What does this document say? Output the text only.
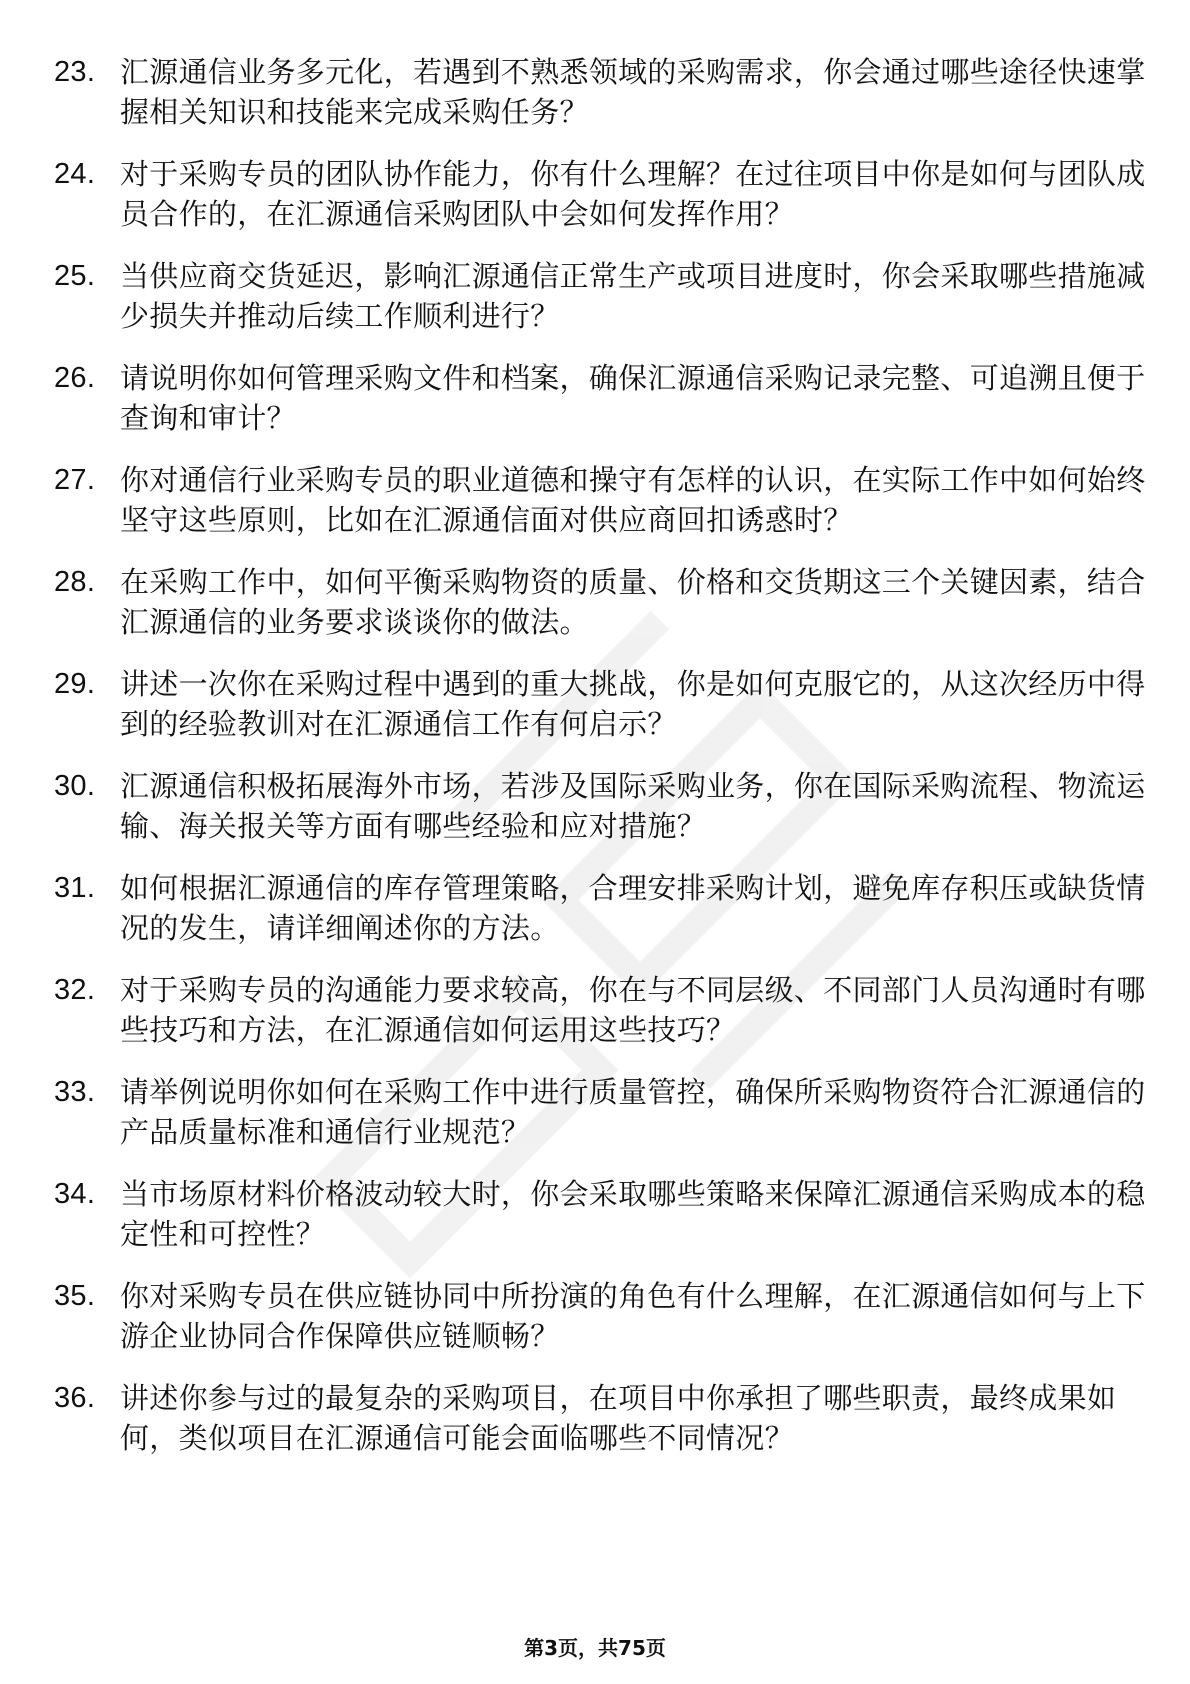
23. 汇源通信业务多元化，若遇到不熟悉领域的采购需求，你会通过哪些途径快速掌握相关知识和技能来完成采购任务？
24. 对于采购专员的团队协作能力，你有什么理解？在过往项目中你是如何与团队成员合作的，在汇源通信采购团队中会如何发挥作用？
25. 当供应商交货延迟，影响汇源通信正常生产或项目进度时，你会采取哪些措施减少损失并推动后续工作顺利进行？
26. 请说明你如何管理采购文件和档案，确保汇源通信采购记录完整、可追溯且便于查询和审计？
27. 你对通信行业采购专员的职业道德和操守有怎样的认识，在实际工作中如何始终坚守这些原则，比如在汇源通信面对供应商回扣诱惑时？
28. 在采购工作中，如何平衡采购物资的质量、价格和交货期这三个关键因素，结合汇源通信的业务要求谈谈你的做法。
29. 讲述一次你在采购过程中遇到的重大挑战，你是如何克服它的，从这次经历中得到的经验教训对在汇源通信工作有何启示？
30. 汇源通信积极拓展海外市场，若涉及国际采购业务，你在国际采购流程、物流运输、海关报关等方面有哪些经验和应对措施？
31. 如何根据汇源通信的库存管理策略，合理安排采购计划，避免库存积压或缺货情况的发生，请详细阐述你的方法。
32. 对于采购专员的沟通能力要求较高，你在与不同层级、不同部门人员沟通时有哪些技巧和方法，在汇源通信如何运用这些技巧？
33. 请举例说明你如何在采购工作中进行质量管控，确保所采购物资符合汇源通信的产品质量标准和通信行业规范？
34. 当市场原材料价格波动较大时，你会采取哪些策略来保障汇源通信采购成本的稳定性和可控性？
35. 你对采购专员在供应链协同中所扮演的角色有什么理解，在汇源通信如何与上下游企业协同合作保障供应链顺畅？
36. 讲述你参与过的最复杂的采购项目，在项目中你承担了哪些职责，最终成果如何，类似项目在汇源通信可能会面临哪些不同情况？
第3页，共75页
